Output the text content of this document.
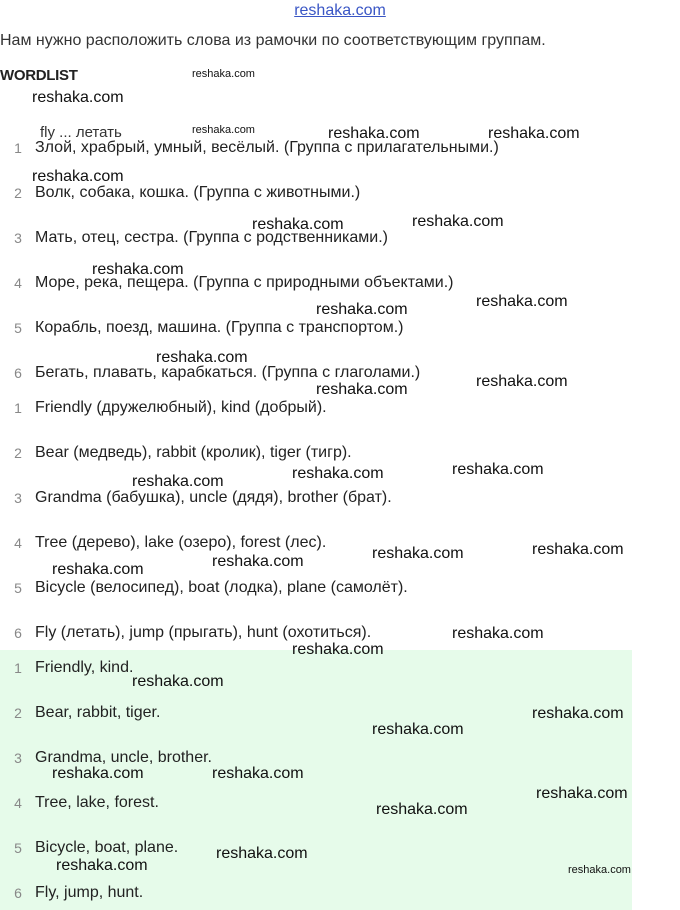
reshaka.com
Нам нужно расположить слова из рамочки по соответствующим группам.
WORDLIST
fly ... летать
1 Злой, храбрый, умный, весёлый. (Группа с прилагательными.)
2 Волк, собака, кошка. (Группа с животными.)
3 Мать, отец, сестра. (Группа с родственниками.)
4 Море, река, пещера. (Группа с природными объектами.)
5 Корабль, поезд, машина. (Группа с транспортом.)
6 Бегать, плавать, карабкаться. (Группа с глаголами.)
1 Friendly (дружелюбный), kind (добрый).
2 Bear (медведь), rabbit (кролик), tiger (тигр).
3 Grandma (бабушка), uncle (дядя), brother (брат).
4 Tree (дерево), lake (озеро), forest (лес).
5 Bicycle (велосипед), boat (лодка), plane (самолёт).
6 Fly (летать), jump (прыгать), hunt (охотиться).
1 Friendly, kind.
2 Bear, rabbit, tiger.
3 Grandma, uncle, brother.
4 Tree, lake, forest.
5 Bicycle, boat, plane.
6 Fly, jump, hunt.
reshaka.com
reshaka.com
reshaka.com	reshaka.com	reshaka.com
reshaka.com
reshaka.com	reshaka.com
reshaka.com
reshaka.com
reshaka.com
reshaka.com
reshaka.com
reshaka.com
reshaka.com
reshaka.com
reshaka.com
reshaka.com
reshaka.com
reshaka.com
reshaka.com
reshaka.com
reshaka.com
reshaka.com
reshaka.com
reshaka.com
reshaka.com	reshaka.com
reshaka.com
reshaka.com
reshaka.com
reshaka.com	reshaka.com
